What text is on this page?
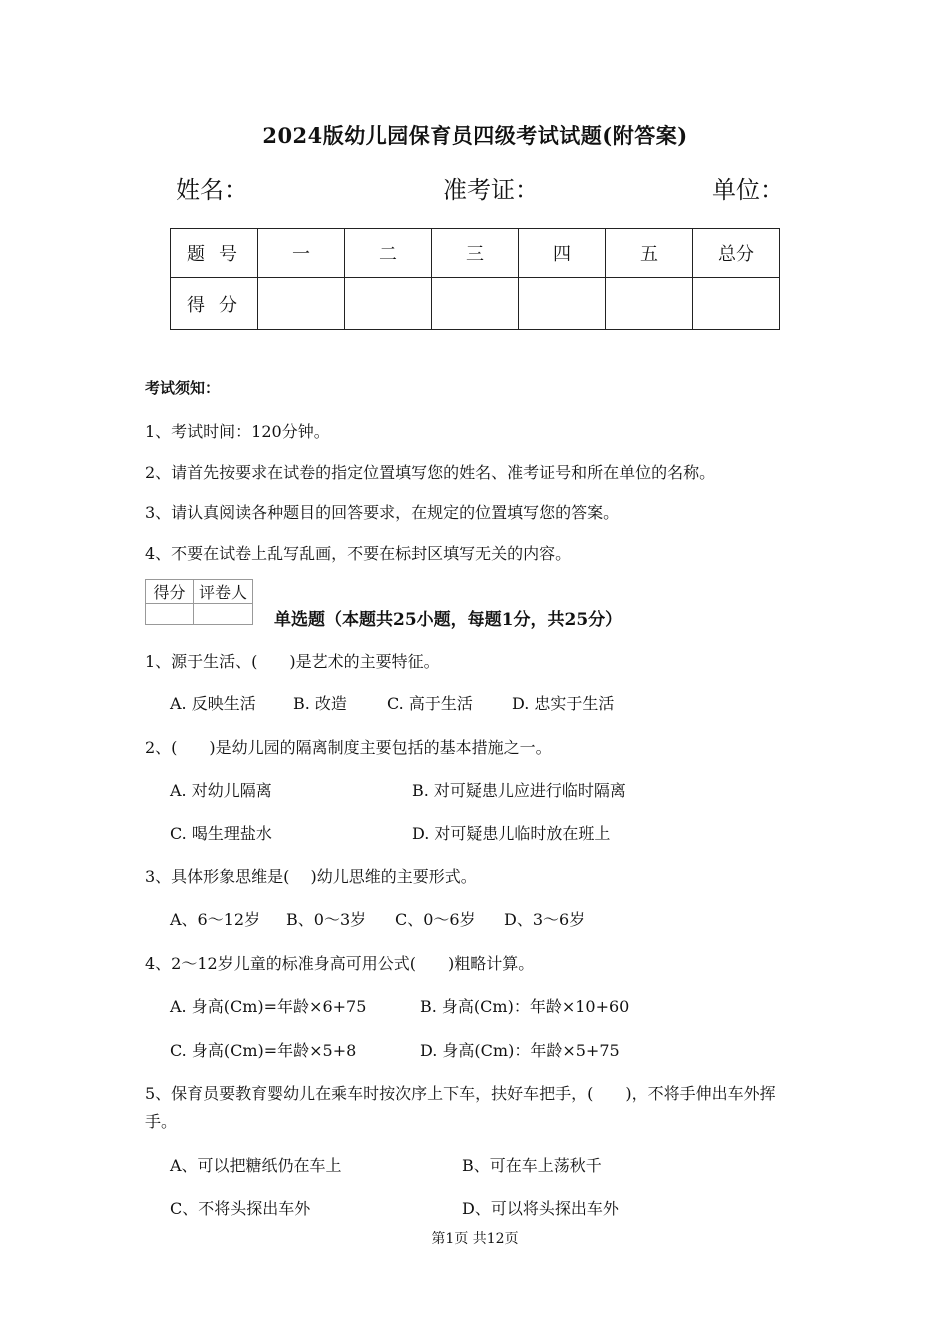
2024版幼儿园保育员四级考试试题(附答案)
姓名：	准考证：	单位：
题号	一	二	三	四	五	总分
得分						
考试须知：
1、考试时间：120分钟。
2、请首先按要求在试卷的指定位置填写您的姓名、准考证号和所在单位的名称。
3、请认真阅读各种题目的回答要求，在规定的位置填写您的答案。
4、不要在试卷上乱写乱画，不要在标封区填写无关的内容。
得分	评卷人

单选题（本题共25小题，每题1分，共25分）
1、源于生活、(　　)是艺术的主要特征。
A. 反映生活 B. 改造	C. 高于生活 D. 忠实于生活
2、(　　)是幼儿园的隔离制度主要包括的基本措施之一。
A. 对幼儿隔离	B. 对可疑患儿应进行临时隔离
C. 喝生理盐水	D. 对可疑患儿临时放在班上
3、具体形象思维是(　 )幼儿思维的主要形式。
A、6～12岁 B、0～3岁 C、0～6岁 D、3～6岁
4、2～12岁儿童的标准身高可用公式(　　)粗略计算。
A. 身高(Cm)=年龄×6+75	B. 身高(Cm)：年龄×10+60
C. 身高(Cm)=年龄×5+8	D. 身高(Cm)：年龄×5+75
5、保育员要教育婴幼儿在乘车时按次序上下车，扶好车把手，(　　)，不将手伸出车外挥
手。
A、可以把糖纸仍在车上	B、可在车上荡秋千
C、不将头探出车外	D、可以将头探出车外
第1页 共12页
